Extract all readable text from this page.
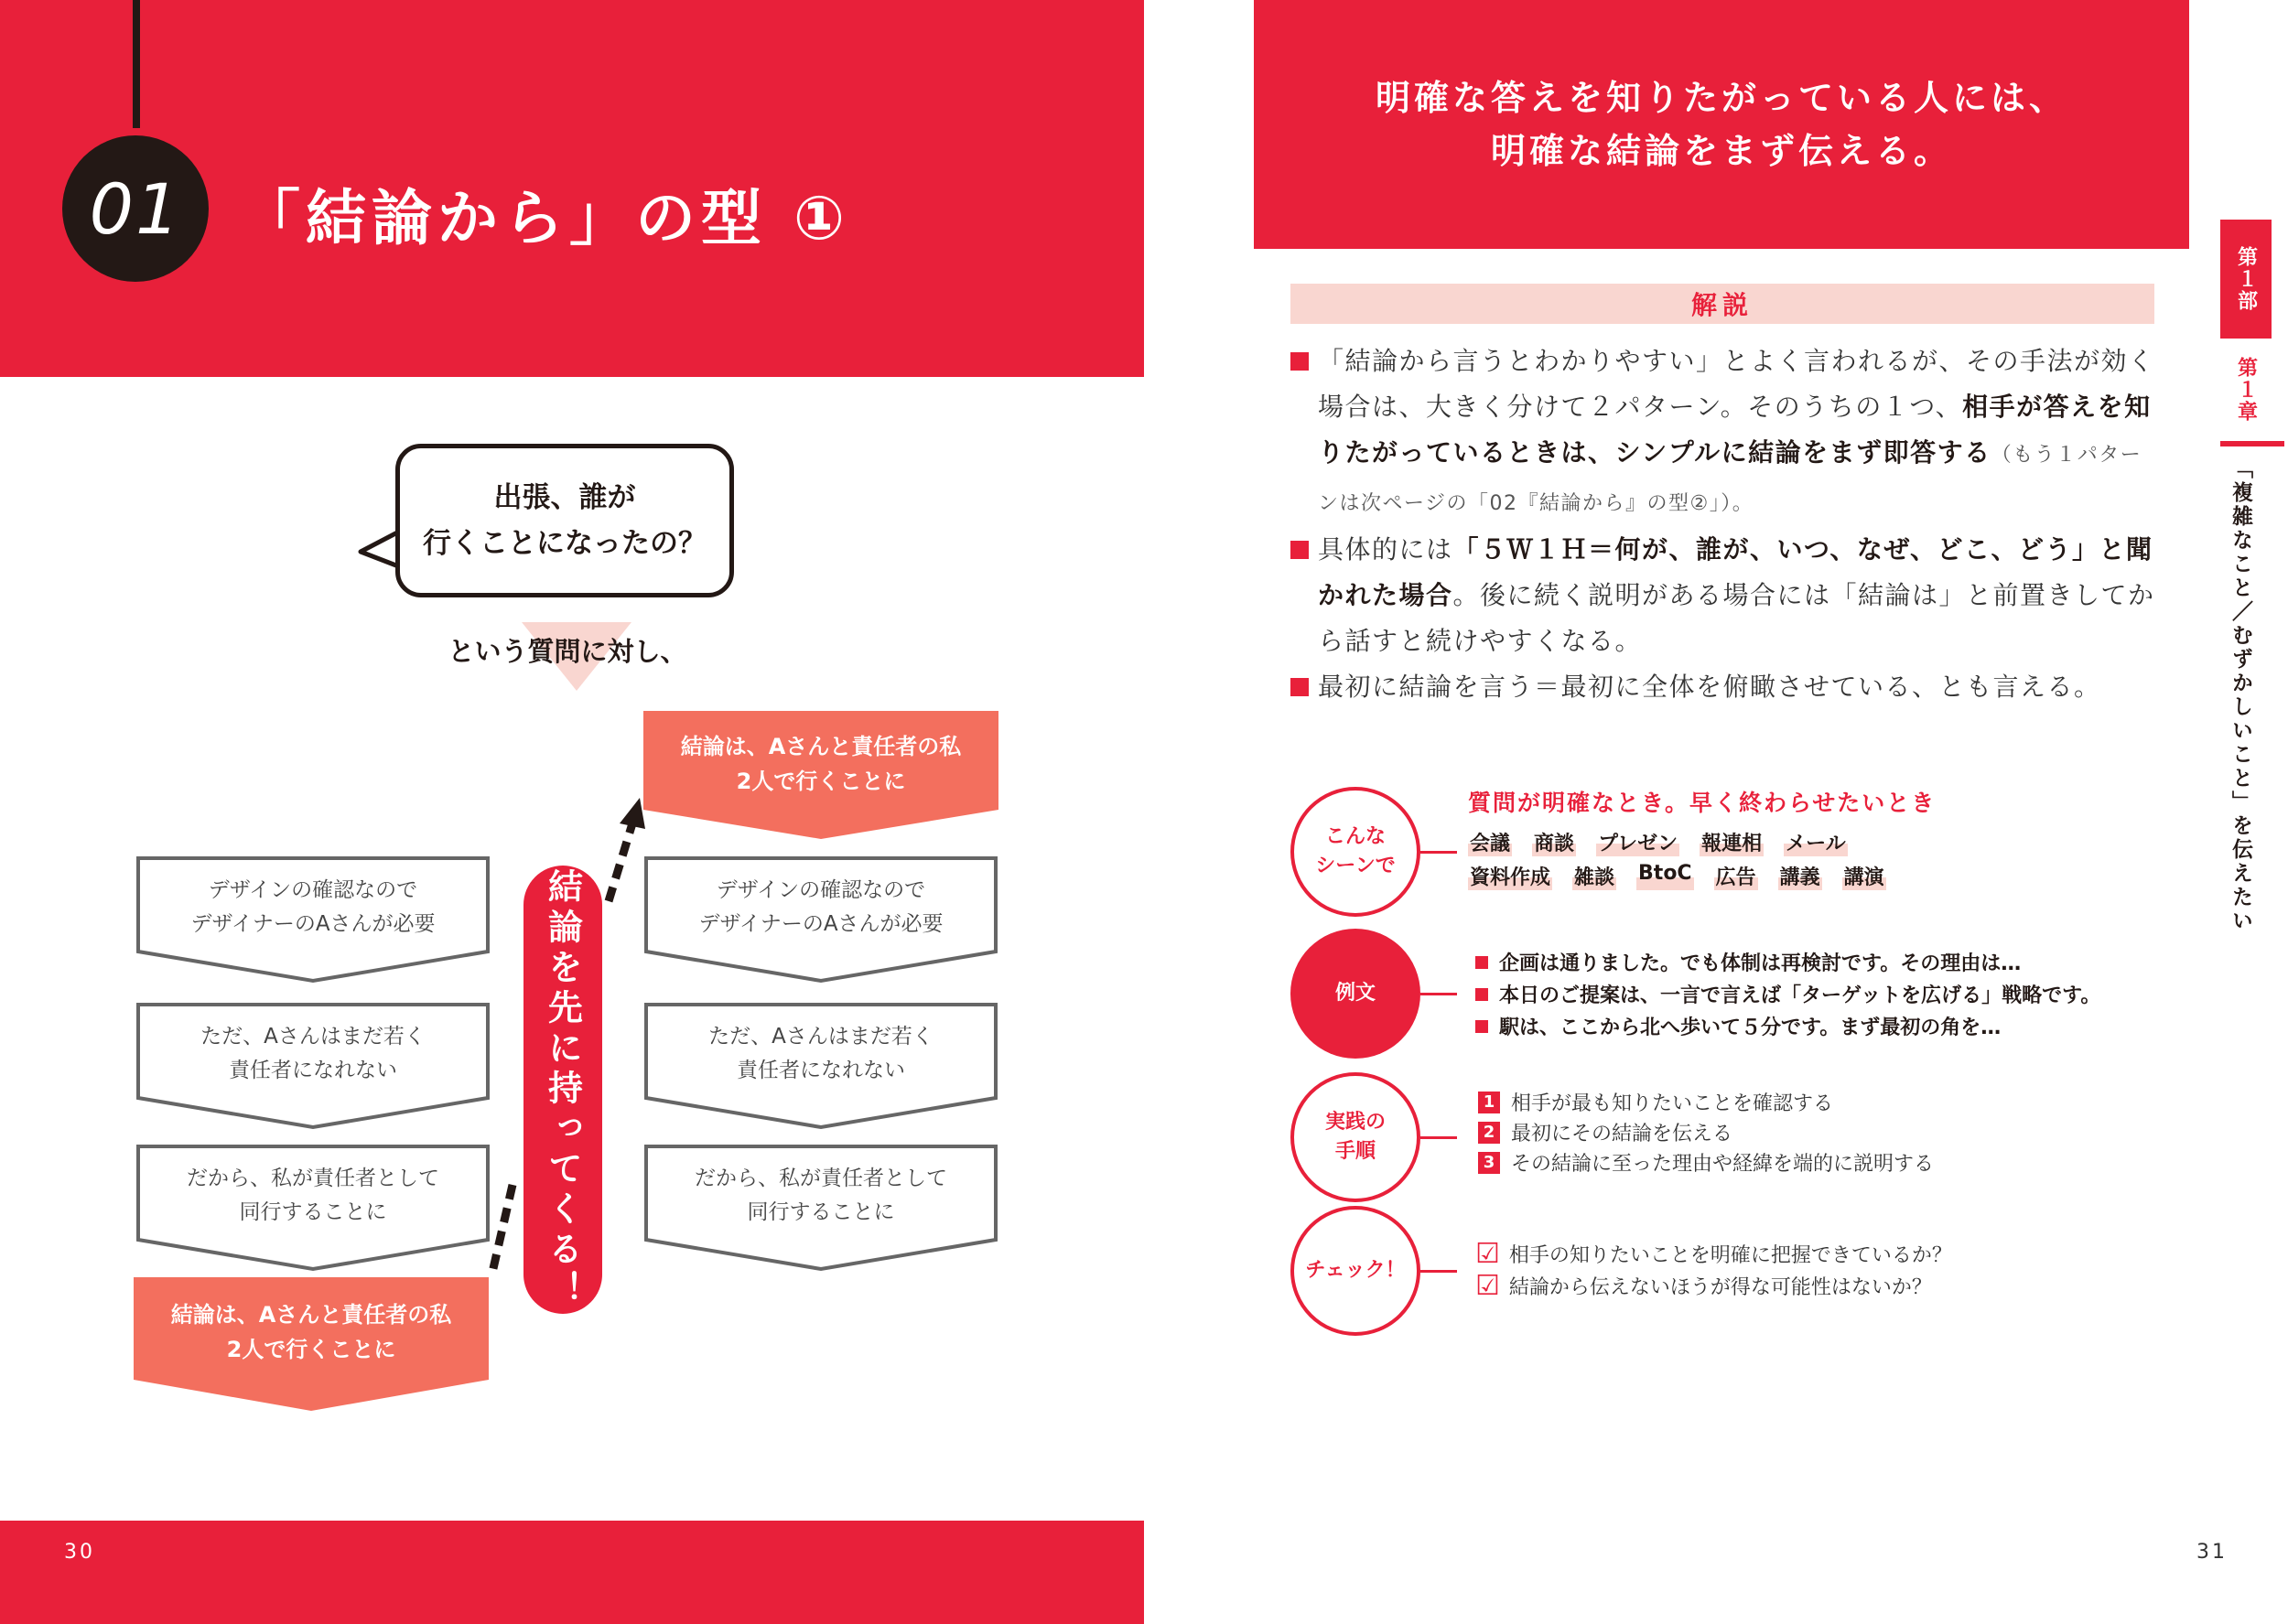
01 「結論から」の型 ①
出張、誰が
行くことになったの？
という質問に対し、
デザインの確認なので
デザイナーのAさんが必要
ただ、Aさんはまだ若く
責任者になれない
だから、私が責任者として
同行することに
結論は、Aさんと責任者の私
2人で行くことに
デザインの確認なので
デザイナーのAさんが必要
ただ、Aさんはまだ若く
責任者になれない
だから、私が責任者として
同行することに
結論は、Aさんと責任者の私
2人で行くことに
結論を先に持ってくる！
30
明確な答えを知りたがっている人には、
明確な結論をまず伝える。
解説

「結論から言うとわかりやすい」とよく言われるが、その手法が効く場合は、大きく分けて２パターン。そのうちの１つ、相手が答えを知りたがっているときは、シンプルに結論をまず即答する（もう１パターンは次ページの「02『結論から』の型②」）。

具体的には「５Ｗ１Ｈ＝何が、誰が、いつ、なぜ、どこ、どう」と聞かれた場合。後に続く説明がある場合には「結論は」と前置きしてから話すと続けやすくなる。

最初に結論を言う＝最初に全体を俯瞰させている、とも言える。

こんな
シーンで
質問が明確なとき。早く終わらせたいとき
会議 商談 プレゼン 報連相 メール
資料作成 雑談 BtoC 広告 講義 講演
例文
企画は通りました。でも体制は再検討です。その理由は…
本日のご提案は、一言で言えば「ターゲットを広げる」戦略です。
駅は、ここから北へ歩いて５分です。まず最初の角を…
実践の
手順
1 相手が最も知りたいことを確認する
2 最初にその結論を伝える
3 その結論に至った理由や経緯を端的に説明する
チェック！
☑ 相手の知りたいことを明確に把握できているか？
☑ 結論から伝えないほうが得な可能性はないか？
第１部
第１章
「複雑なこと／むずかしいこと」を伝えたい
31
